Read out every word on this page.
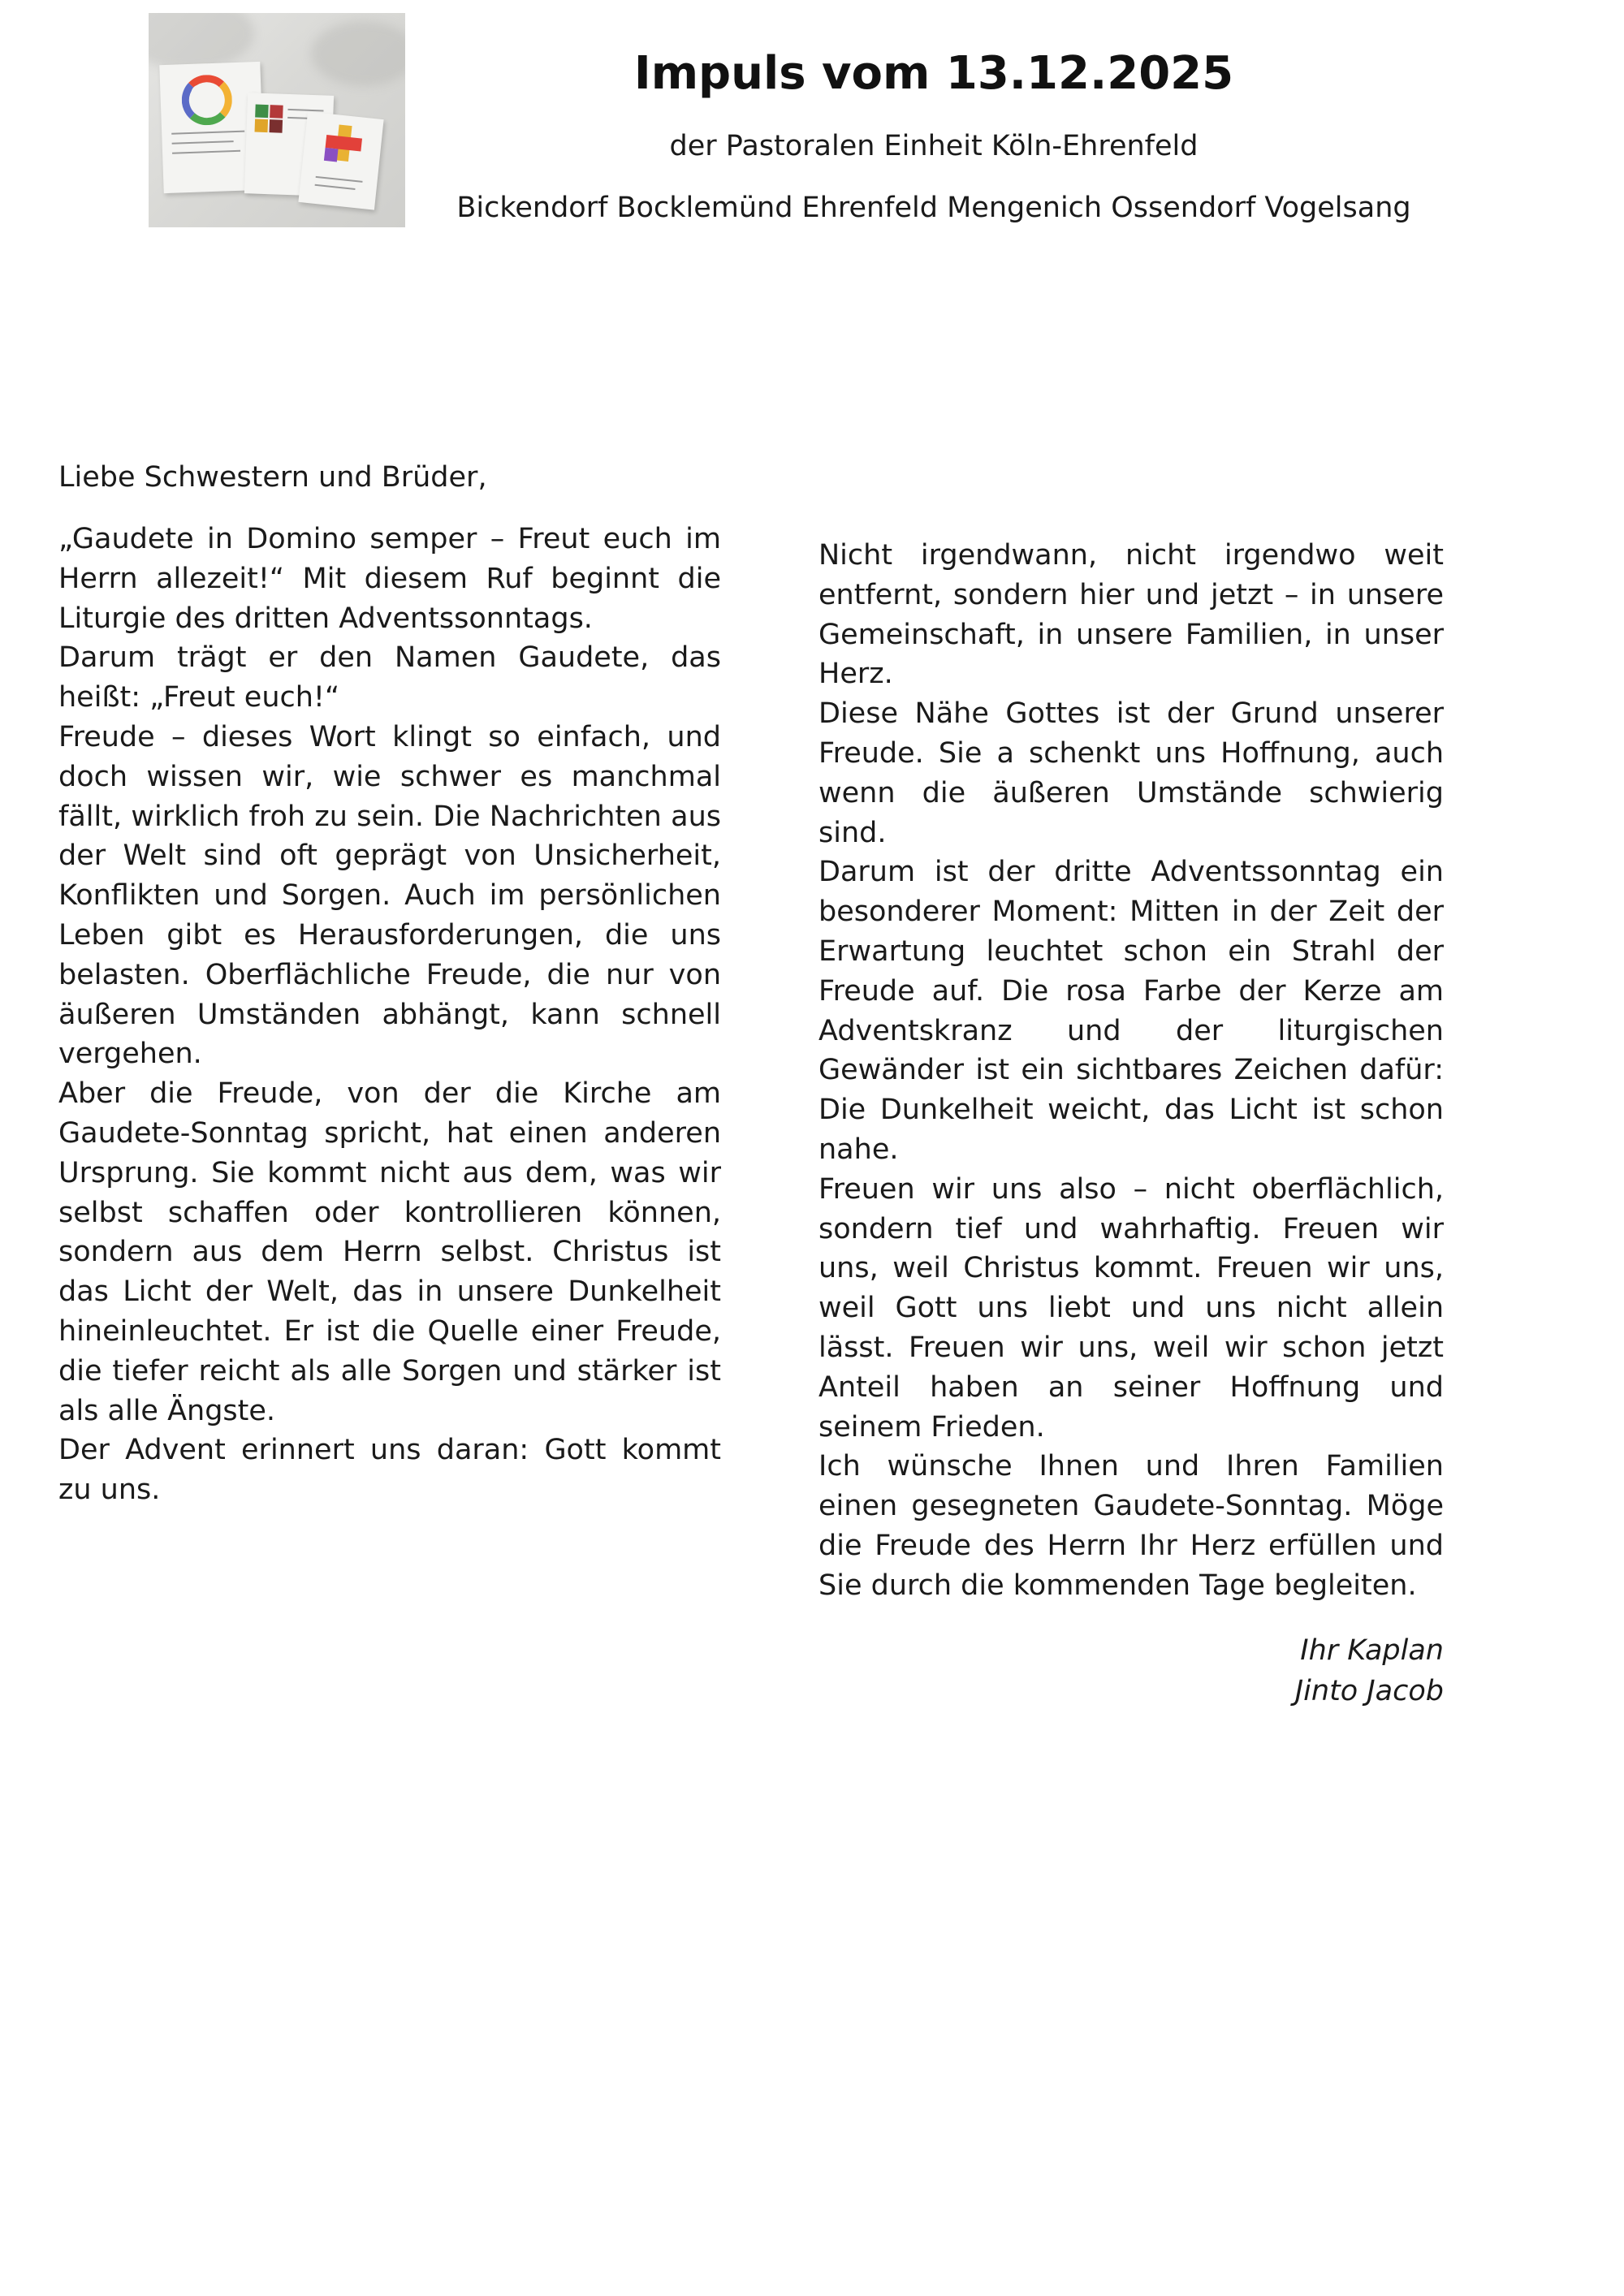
Impuls vom 13.12.2025

der Pastoralen Einheit Köln-Ehrenfeld

Bickendorf Bocklemünd Ehrenfeld Mengenich Ossendorf Vogelsang

Liebe Schwestern und Brüder,

„Gaudete in Domino semper – Freut euch im Herrn allezeit!“ Mit diesem Ruf beginnt die Liturgie des dritten Adventssonntags.

Darum trägt er den Namen Gaudete, das heißt: „Freut euch!“

Freude – dieses Wort klingt so einfach, und doch wissen wir, wie schwer es manchmal fällt, wirklich froh zu sein. Die Nachrichten aus der Welt sind oft geprägt von Unsicherheit, Konflikten und Sorgen. Auch im persönlichen Leben gibt es Herausforderungen, die uns belasten. Oberflächliche Freude, die nur von äußeren Umständen abhängt, kann schnell vergehen.

Aber die Freude, von der die Kirche am Gaudete-Sonntag spricht, hat einen anderen Ursprung. Sie kommt nicht aus dem, was wir selbst schaffen oder kontrollieren können, sondern aus dem Herrn selbst. Christus ist das Licht der Welt, das in unsere Dunkelheit hineinleuchtet. Er ist die Quelle einer Freude, die tiefer reicht als alle Sorgen und stärker ist als alle Ängste.

Der Advent erinnert uns daran: Gott kommt zu uns.

Nicht irgendwann, nicht irgendwo weit entfernt, sondern hier und jetzt – in unsere Gemeinschaft, in unsere Familien, in unser Herz.

Diese Nähe Gottes ist der Grund unserer Freude. Sie a schenkt uns Hoffnung, auch wenn die äußeren Umstände schwierig sind.

Darum ist der dritte Adventssonntag ein besonderer Moment: Mitten in der Zeit der Erwartung leuchtet schon ein Strahl der Freude auf. Die rosa Farbe der Kerze am Adventskranz und der liturgischen Gewänder ist ein sichtbares Zeichen dafür: Die Dunkelheit weicht, das Licht ist schon nahe.

Freuen wir uns also – nicht oberflächlich, sondern tief und wahrhaftig. Freuen wir uns, weil Christus kommt. Freuen wir uns, weil Gott uns liebt und uns nicht allein lässt. Freuen wir uns, weil wir schon jetzt Anteil haben an seiner Hoffnung und seinem Frieden.

Ich wünsche Ihnen und Ihren Familien einen gesegneten Gaudete-Sonntag. Möge die Freude des Herrn Ihr Herz erfüllen und Sie durch die kommenden Tage begleiten.

Ihr Kaplan

Jinto Jacob
